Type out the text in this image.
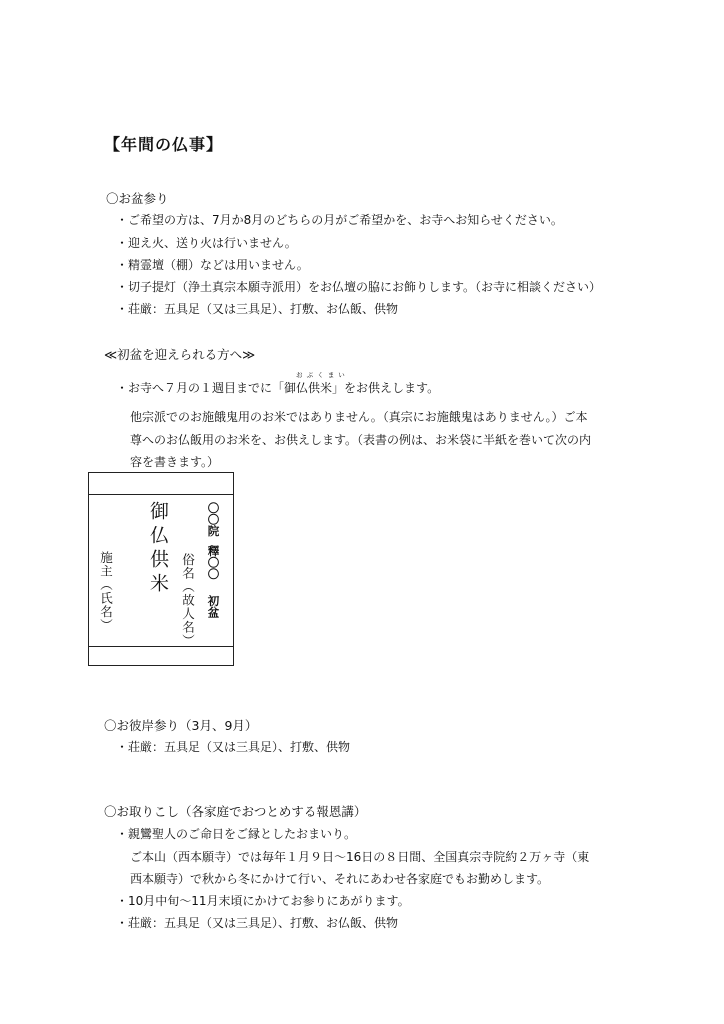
【年間の仏事】
〇お盆参り
・ご希望の方は、7月か8月のどちらの月がご希望かを、お寺へお知らせください。
・迎え火、送り火は行いません。
・精霊壇（棚）などは用いません。
・切子提灯（浄土真宗本願寺派用）をお仏壇の脇にお飾りします。（お寺に相談ください）
・荘厳：五具足（又は三具足）、打敷、お仏飯、供物
≪初盆を迎えられる方へ≫
お ぶ く ま い
・お寺へ７月の１週目までに「御仏供米」をお供えします。
他宗派でのお施餓鬼用のお米ではありません。（真宗にお施餓鬼はありません。）ご本
尊へのお仏飯用のお米を、お供えします。（表書の例は、お米袋に半紙を巻いて次の内
容を書きます。）
御仏供米	〇〇院
釋〇〇
初盆
俗名（故人名）
施主（氏名）
〇お彼岸参り（3月、9月）
・荘厳：五具足（又は三具足）、打敷、供物
〇お取りこし（各家庭でおつとめする報恩講）
・親鸞聖人のご命日をご縁としたおまいり。
ご本山（西本願寺）では毎年１月９日～16日の８日間、全国真宗寺院約２万ヶ寺（東
西本願寺）で秋から冬にかけて行い、それにあわせ各家庭でもお勤めします。
・10月中旬～11月末頃にかけてお参りにあがります。
・荘厳：五具足（又は三具足）、打敷、お仏飯、供物
